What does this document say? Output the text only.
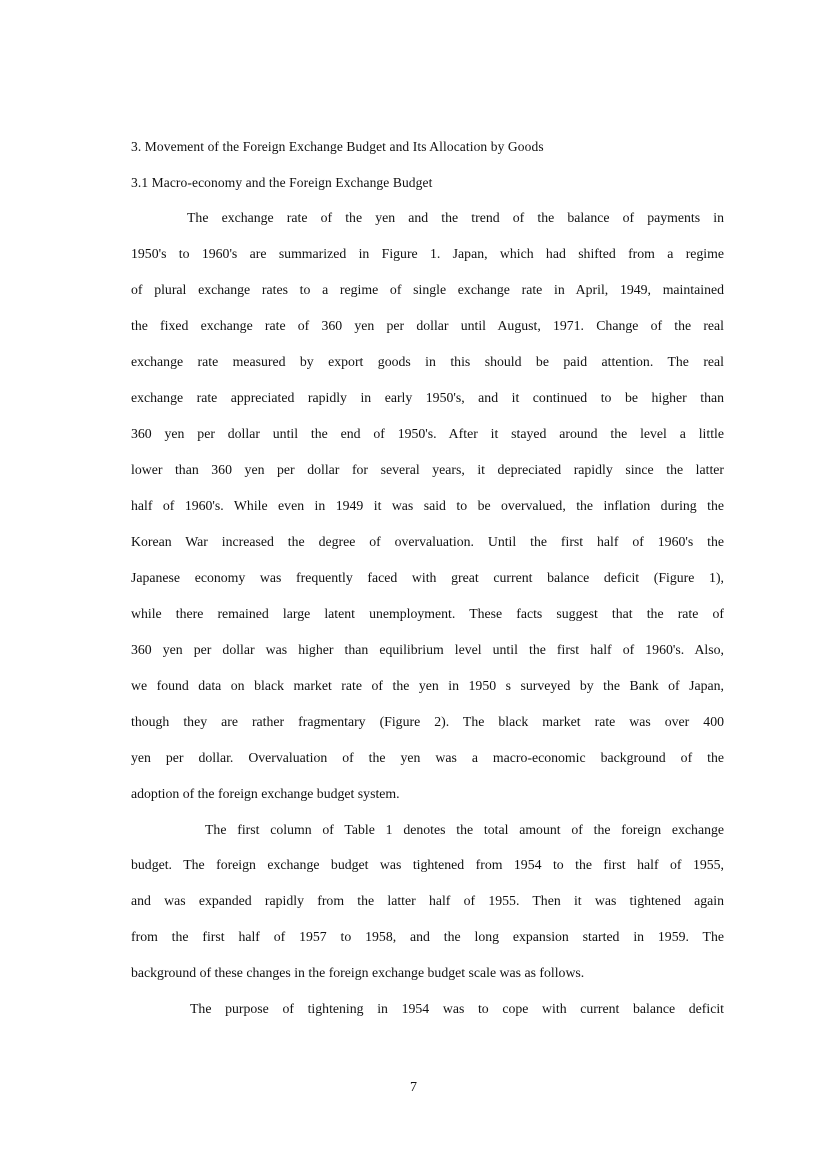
3. Movement of the Foreign Exchange Budget and Its Allocation by Goods
3.1 Macro-economy and the Foreign Exchange Budget
The exchange rate of the yen and the trend of the balance of payments in
1950's to 1960's are summarized in Figure 1. Japan, which had shifted from a regime
of plural exchange rates to a regime of single exchange rate in April, 1949, maintained
the fixed exchange rate of 360 yen per dollar until August, 1971. Change of the real
exchange rate measured by export goods in this should be paid attention. The real
exchange rate appreciated rapidly in early 1950's, and it continued to be higher than
360 yen per dollar until the end of 1950's. After it stayed around the level a little
lower than 360 yen per dollar for several years, it depreciated rapidly since the latter
half of 1960's. While even in 1949 it was said to be overvalued, the inflation during the
Korean War increased the degree of overvaluation. Until the first half of 1960's the
Japanese economy was frequently faced with great current balance deficit (Figure 1),
while there remained large latent unemployment. These facts suggest that the rate of
360 yen per dollar was higher than equilibrium level until the first half of 1960's. Also,
we found data on black market rate of the yen in 1950 s surveyed by the Bank of Japan,
though they are rather fragmentary (Figure 2). The black market rate was over 400
yen per dollar. Overvaluation of the yen was a macro-economic background of the
adoption of the foreign exchange budget system.
The first column of Table 1 denotes the total amount of the foreign exchange
budget. The foreign exchange budget was tightened from 1954 to the first half of 1955,
and was expanded rapidly from the latter half of 1955. Then it was tightened again
from the first half of 1957 to 1958, and the long expansion started in 1959. The
background of these changes in the foreign exchange budget scale was as follows.
The purpose of tightening in 1954 was to cope with current balance deficit
7
